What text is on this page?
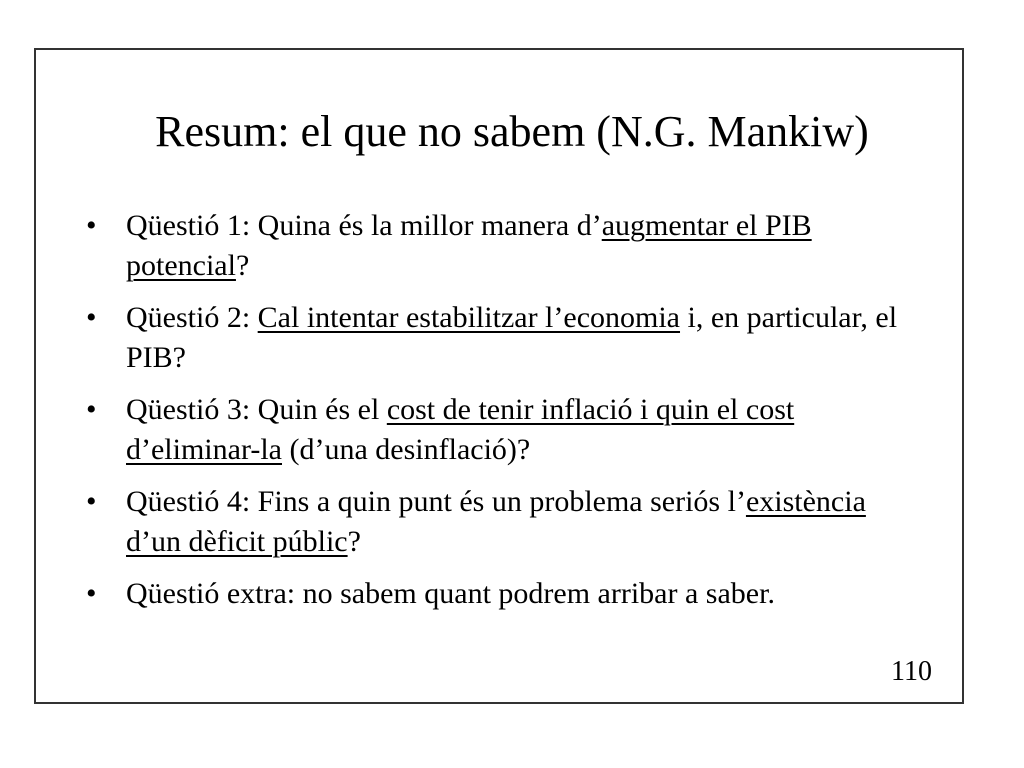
Resum: el que no sabem (N.G. Mankiw)
• Qüestió 1: Quina és la millor manera d’augmentar el PIB potencial?
• Qüestió 2: Cal intentar estabilitzar l’economia i, en particular, el PIB?
• Qüestió 3: Quin és el cost de tenir inflació i quin el cost d’eliminar-la (d’una desinflació)?
• Qüestió 4: Fins a quin punt és un problema seriós l’existència d’un dèficit públic?
• Qüestió extra: no sabem quant podrem arribar a saber.
110
